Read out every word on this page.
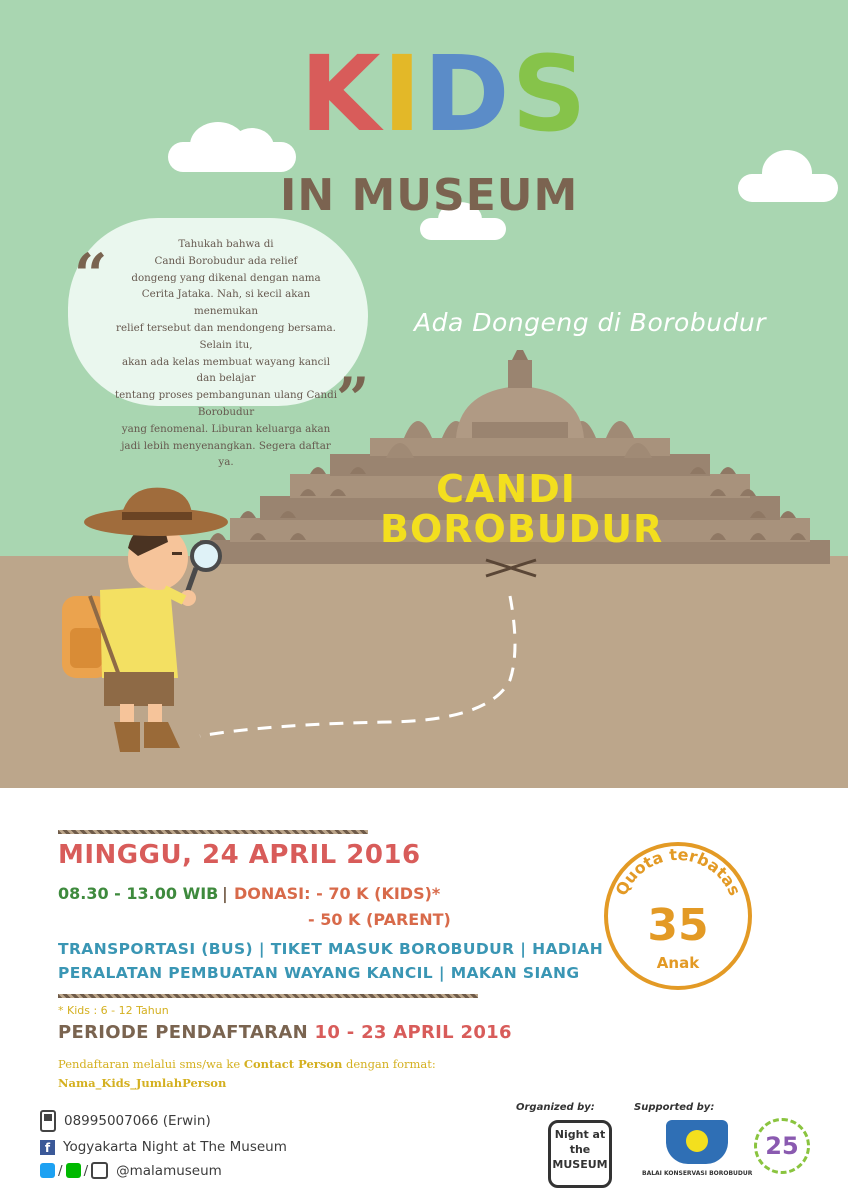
KIDS
IN MUSEUM
“
”
Tahukah bahwa di
Candi Borobudur ada relief
dongeng yang dikenal dengan nama
Cerita Jataka. Nah, si kecil akan menemukan
relief tersebut dan mendongeng bersama. Selain itu,
akan ada kelas membuat wayang kancil dan belajar
tentang proses pembangunan ulang Candi Borobudur
yang fenomenal. Liburan keluarga akan
jadi lebih menyenangkan. Segera daftar ya.
Ada Dongeng di Borobudur
CANDI
BOROBUDUR
MINGGU, 24 APRIL 2016
08.30 - 13.00 WIB | DONASI: - 70 K (KIDS)*
- 50 K (PARENT)
TRANSPORTASI (BUS) | TIKET MASUK BOROBUDUR | HADIAH
PERALATAN PEMBUATAN WAYANG KANCIL | MAKAN SIANG
* Kids : 6 - 12 Tahun
PERIODE PENDAFTARAN 10 - 23 APRIL 2016
Pendaftaran melalui sms/wa ke Contact Person dengan format:
Nama_Kids_JumlahPerson
Quota terbatas
35
Anak
08995007066 (Erwin)
f Yogyakarta Night at The Museum
/ / @malamuseum
Organized by:	Supported by:
Night at the MUSEUM
BALAI KONSERVASI BOROBUDUR
25
